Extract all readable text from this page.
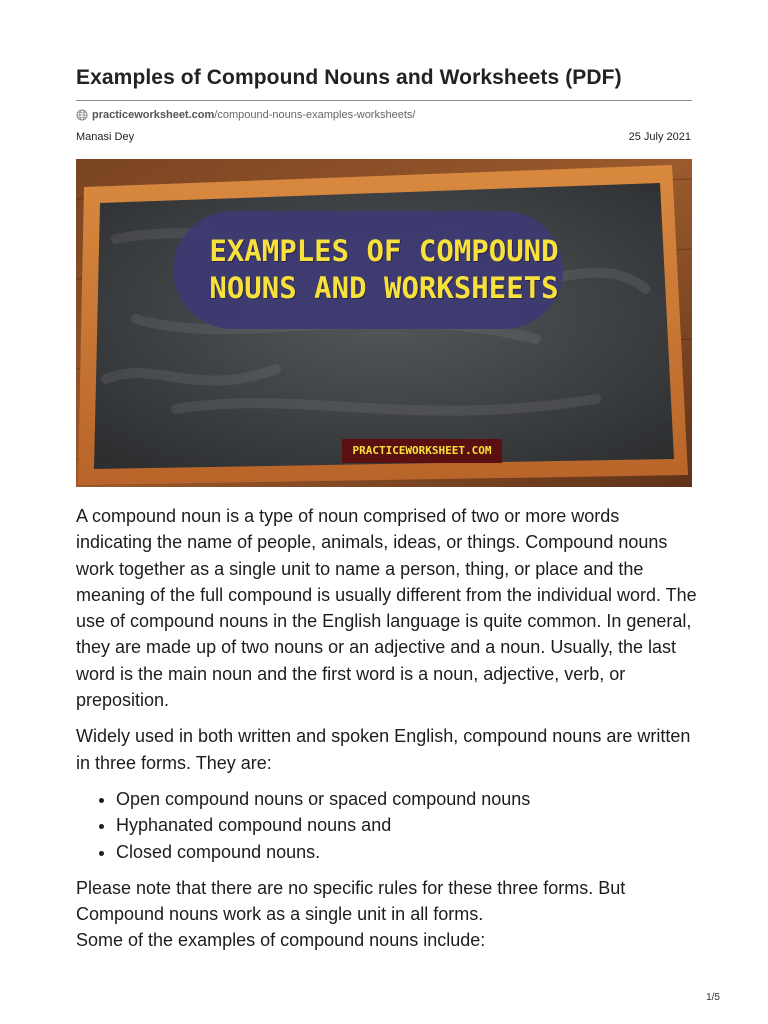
Examples of Compound Nouns and Worksheets (PDF)
practiceworksheet.com /compound-nouns-examples-worksheets/
Manasi Dey	25 July 2021
EXAMPLES OF COMPOUND
NOUNS AND WORKSHEETS
PRACTICEWORKSHEET.COM

A compound noun is a type of noun comprised of two or more words indicating the name of people, animals, ideas, or things. Compound nouns work together as a single unit to name a person, thing, or place and the meaning of the full compound is usually different from the individual word. The use of compound nouns in the English language is quite common. In general, they are made up of two nouns or an adjective and a noun. Usually, the last word is the main noun and the first word is a noun, adjective, verb, or preposition.

Widely used in both written and spoken English, compound nouns are written in three forms. They are:

• Open compound nouns or spaced compound nouns
• Hyphanated compound nouns and
• Closed compound nouns.

Please note that there are no specific rules for these three forms. But Compound nouns work as a single unit in all forms.

Some of the examples of compound nouns include:

1/5
